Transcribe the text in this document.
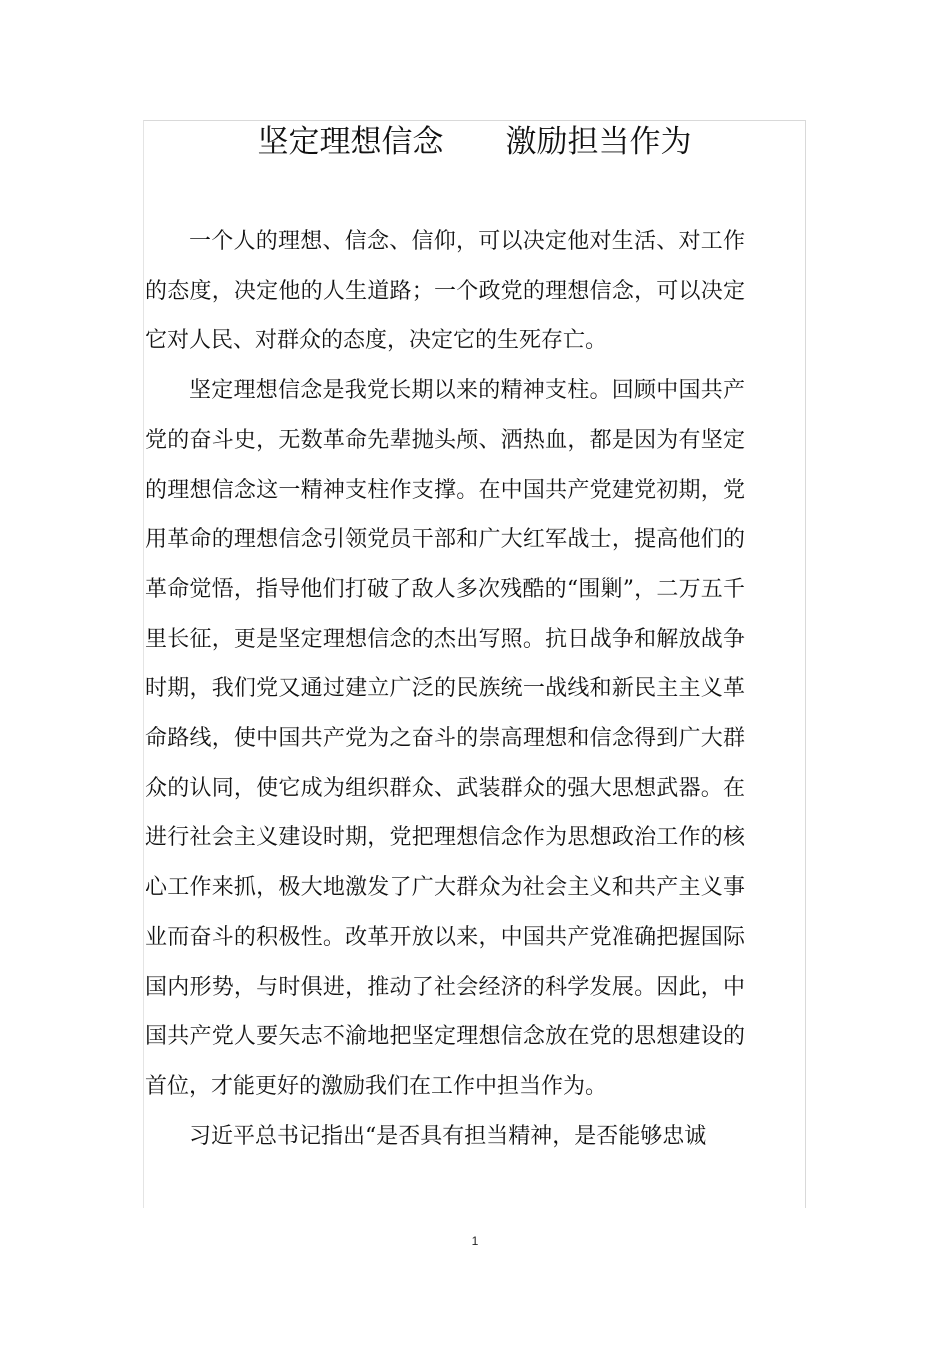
坚定理想信念　　激励担当作为

一个人的理想、信念、信仰，可以决定他对生活、对工作的态度，决定他的人生道路；一个政党的理想信念，可以决定它对人民、对群众的态度，决定它的生死存亡。

坚定理想信念是我党长期以来的精神支柱。回顾中国共产党的奋斗史，无数革命先辈抛头颅、洒热血，都是因为有坚定的理想信念这一精神支柱作支撑。在中国共产党建党初期，党用革命的理想信念引领党员干部和广大红军战士，提高他们的革命觉悟，指导他们打破了敌人多次残酷的“围剿”，二万五千里长征，更是坚定理想信念的杰出写照。抗日战争和解放战争时期，我们党又通过建立广泛的民族统一战线和新民主主义革命路线，使中国共产党为之奋斗的崇高理想和信念得到广大群众的认同，使它成为组织群众、武装群众的强大思想武器。在进行社会主义建设时期，党把理想信念作为思想政治工作的核心工作来抓，极大地激发了广大群众为社会主义和共产主义事业而奋斗的积极性。改革开放以来，中国共产党准确把握国际国内形势，与时俱进，推动了社会经济的科学发展。因此，中国共产党人要矢志不渝地把坚定理想信念放在党的思想建设的首位，才能更好的激励我们在工作中担当作为。

习近平总书记指出“是否具有担当精神，是否能够忠诚

1
